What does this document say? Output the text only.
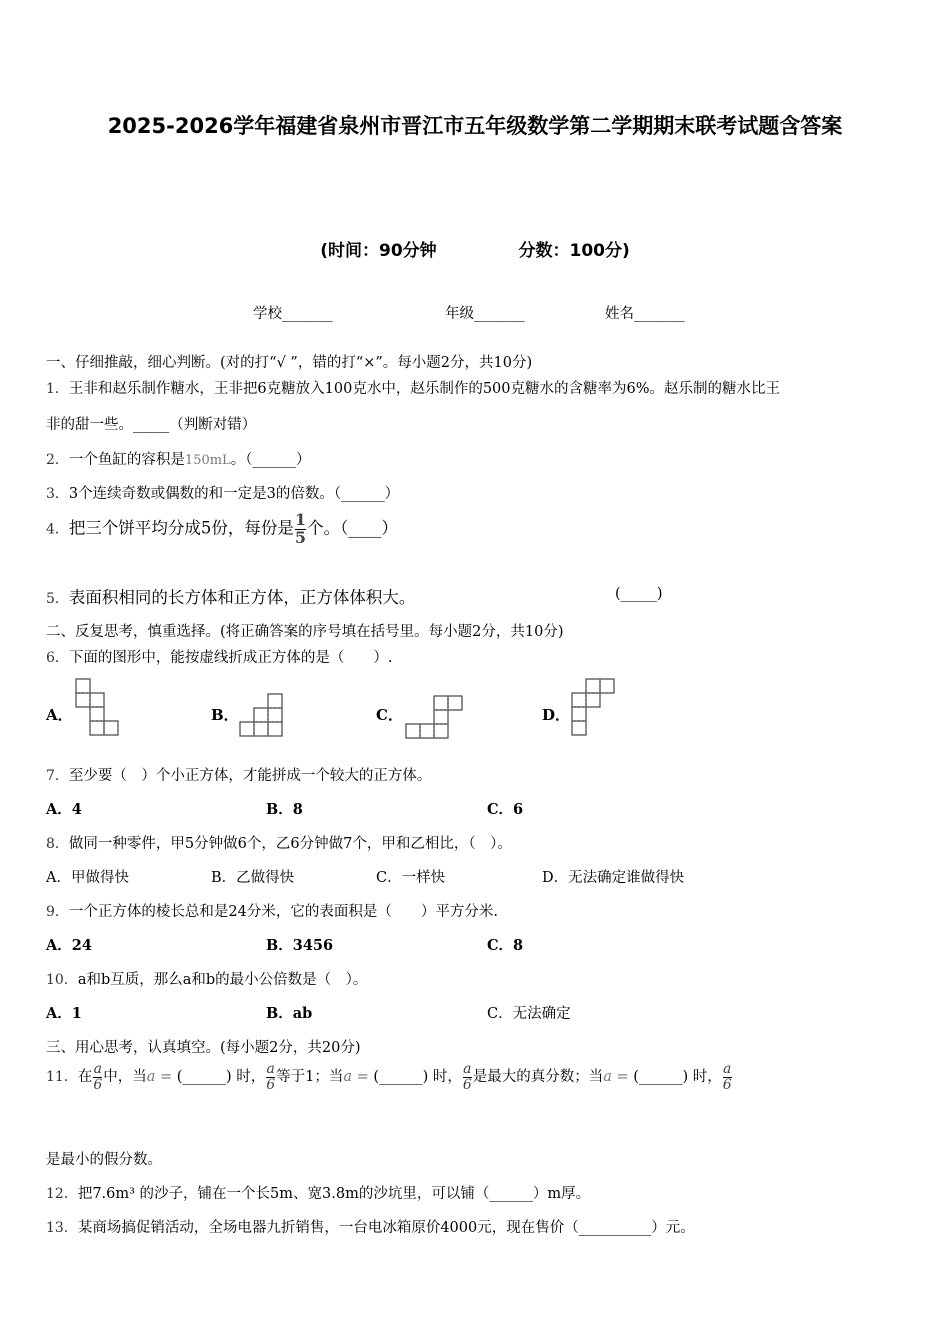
2025-2026学年福建省泉州市晋江市五年级数学第二学期期末联考试题含答案
(时间：90分钟	分数：100分)
学校_______	年级_______	姓名_______
一、仔细推敲，细心判断。(对的打“√ ”，错的打“×”。每小题2分，共10分)
1．王非和赵乐制作糖水，王非把6克糖放入100克水中，赵乐制作的500克糖水的含糖率为6%。赵乐制的糖水比王
非的甜一些。_____（判断对错）
2．一个鱼缸的容积是150mL。（______）
3．3个连续奇数或偶数的和一定是3的倍数。（______）
4．把三个饼平均分成5份，每份是 $\frac{1}{5}$ 个。（____）
5．表面积相同的长方体和正方体，正方体体积大。	(_____)
二、反复思考，慎重选择。(将正确答案的序号填在括号里。每小题2分，共10分)
6．下面的图形中，能按虚线折成正方体的是（　　）.
A．	B．	C．	D．
7．至少要（　）个小正方体，才能拼成一个较大的正方体。
A．4	B．8	C．6
8．做同一种零件，甲5分钟做6个，乙6分钟做7个，甲和乙相比，（　）。
A．甲做得快	B．乙做得快	C．一样快	D．无法确定谁做得快
9．一个正方体的棱长总和是24分米，它的表面积是（　　）平方分米.
A．24	B．3456	C．8
10．a和b互质，那么a和b的最小公倍数是（　）。
A．1	B．ab	C．无法确定
三、用心思考，认真填空。(每小题2分，共20分)
11．在 $\frac{a}{6}$ 中，当a = (______) 时， $\frac{a}{6}$ 等于1；当a = (______) 时， $\frac{a}{6}$ 是最大的真分数；当a = (______) 时， $\frac{a}{6}$
是最小的假分数。
12．把7.6m³ 的沙子，铺在一个长5m、宽3.8m的沙坑里，可以铺（______）m厚。
13．某商场搞促销活动，全场电器九折销售，一台电冰箱原价4000元，现在售价（__________）元。
